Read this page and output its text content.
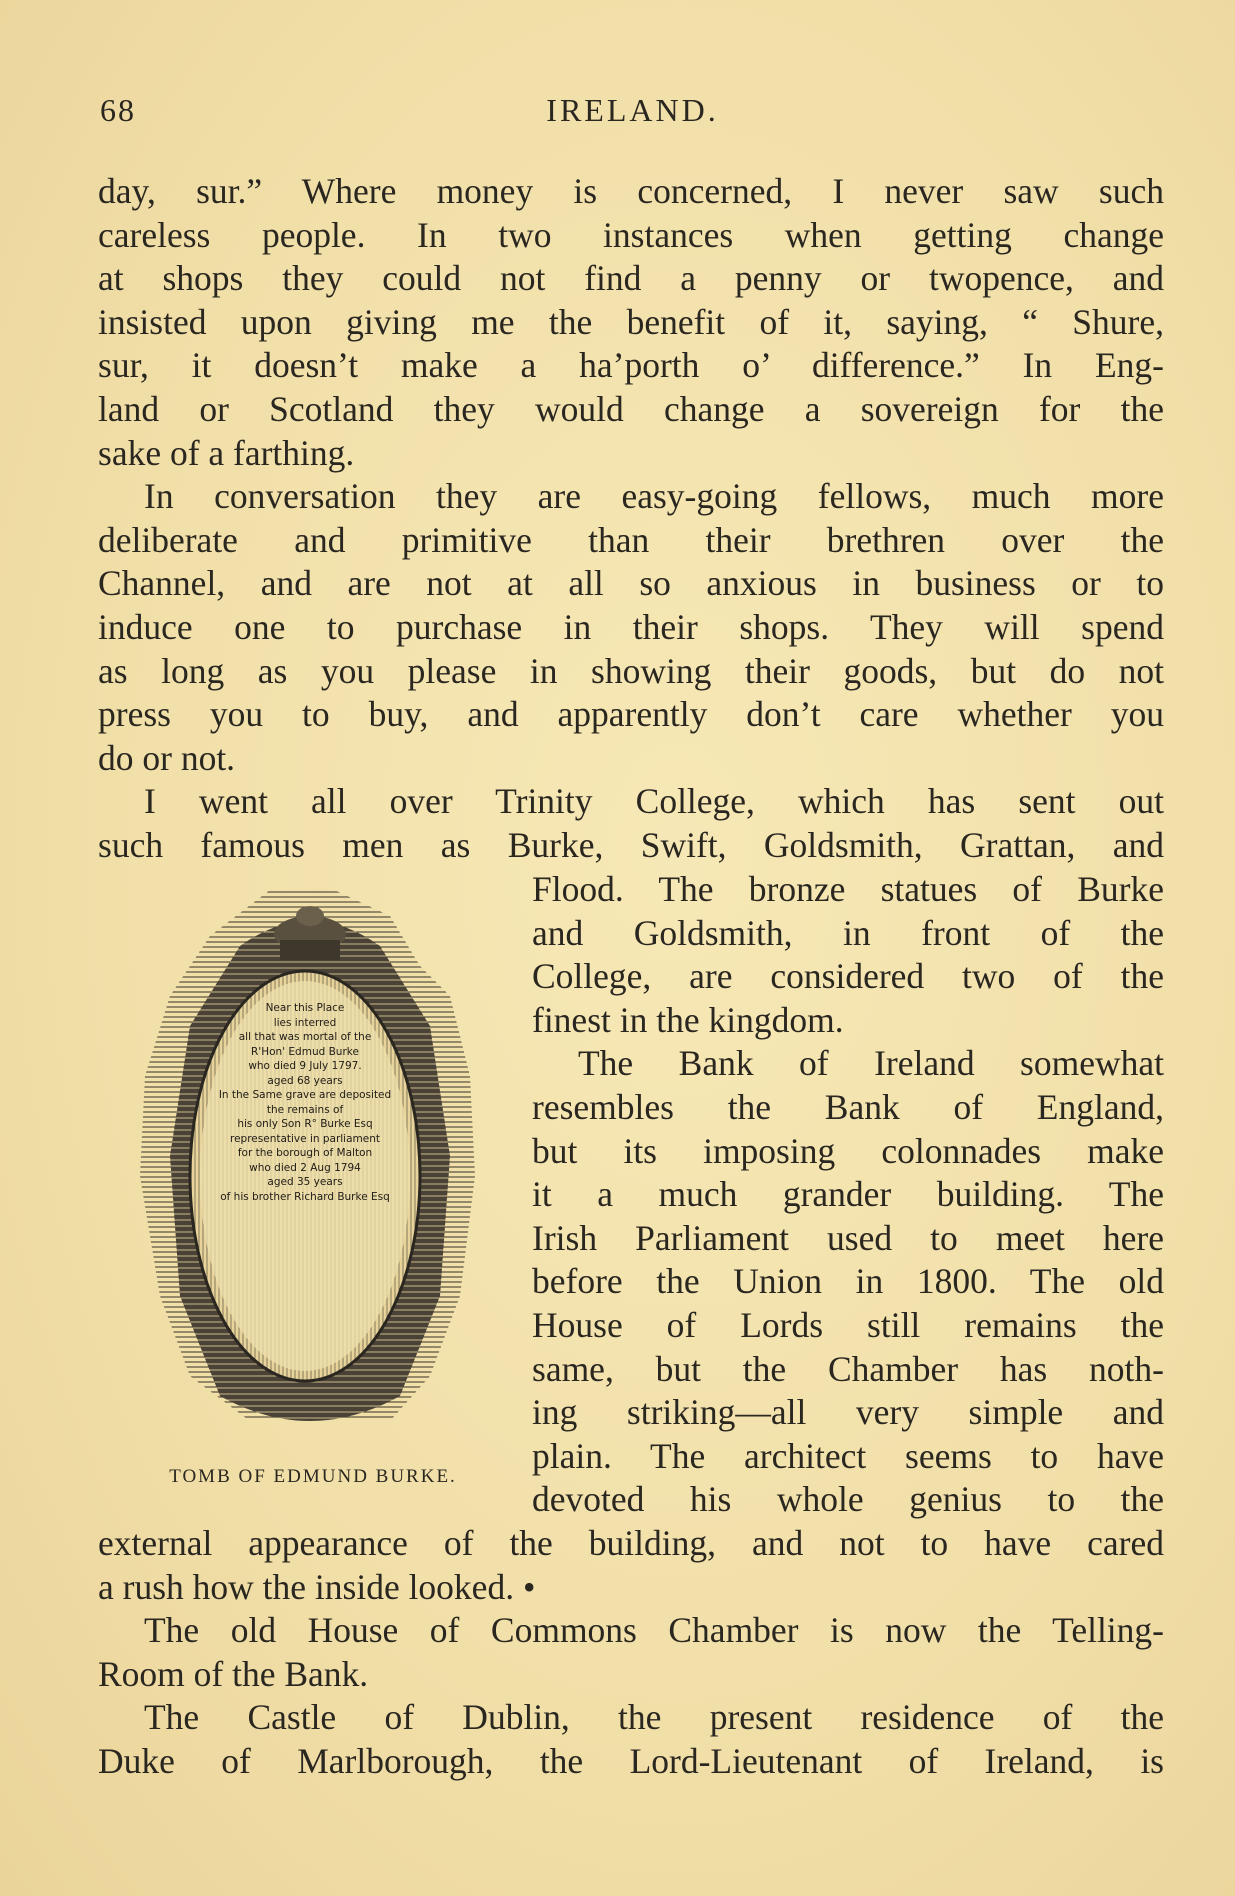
68	IRELAND.
day, sur.” Where money is concerned, I never saw such
careless people. In two instances when getting change
at shops they could not find a penny or twopence, and
insisted upon giving me the benefit of it, saying, “ Shure,
sur, it doesn’t make a ha’porth o’ difference.” In Eng-
land or Scotland they would change a sovereign for the
sake of a farthing.
In conversation they are easy-going fellows, much more
deliberate and primitive than their brethren over the
Channel, and are not at all so anxious in business or to
induce one to purchase in their shops. They will spend
as long as you please in showing their goods, but do not
press you to buy, and apparently don’t care whether you
do or not.
I went all over Trinity College, which has sent out
such famous men as Burke, Swift, Goldsmith, Grattan, and
Near this Place
lies interred
all that was mortal of the
R'Hon' Edmud Burke
who died 9 July 1797.
aged 68 years
In the Same grave are deposited
the remains of
his only Son R° Burke Esq
representative in parliament
for the borough of Malton
who died 2 Aug 1794
aged 35 years
of his brother Richard Burke Esq
TOMB OF EDMUND BURKE.
Flood. The bronze statues of Burke
and Goldsmith, in front of the
College, are considered two of the
finest in the kingdom.
The Bank of Ireland somewhat
resembles the Bank of England,
but its imposing colonnades make
it a much grander building. The
Irish Parliament used to meet here
before the Union in 1800. The old
House of Lords still remains the
same, but the Chamber has noth-
ing striking—all very simple and
plain. The architect seems to have
devoted his whole genius to the
external appearance of the building, and not to have cared
a rush how the inside looked. •
The old House of Commons Chamber is now the Telling-
Room of the Bank.
The Castle of Dublin, the present residence of the
Duke of Marlborough, the Lord-Lieutenant of Ireland, is
